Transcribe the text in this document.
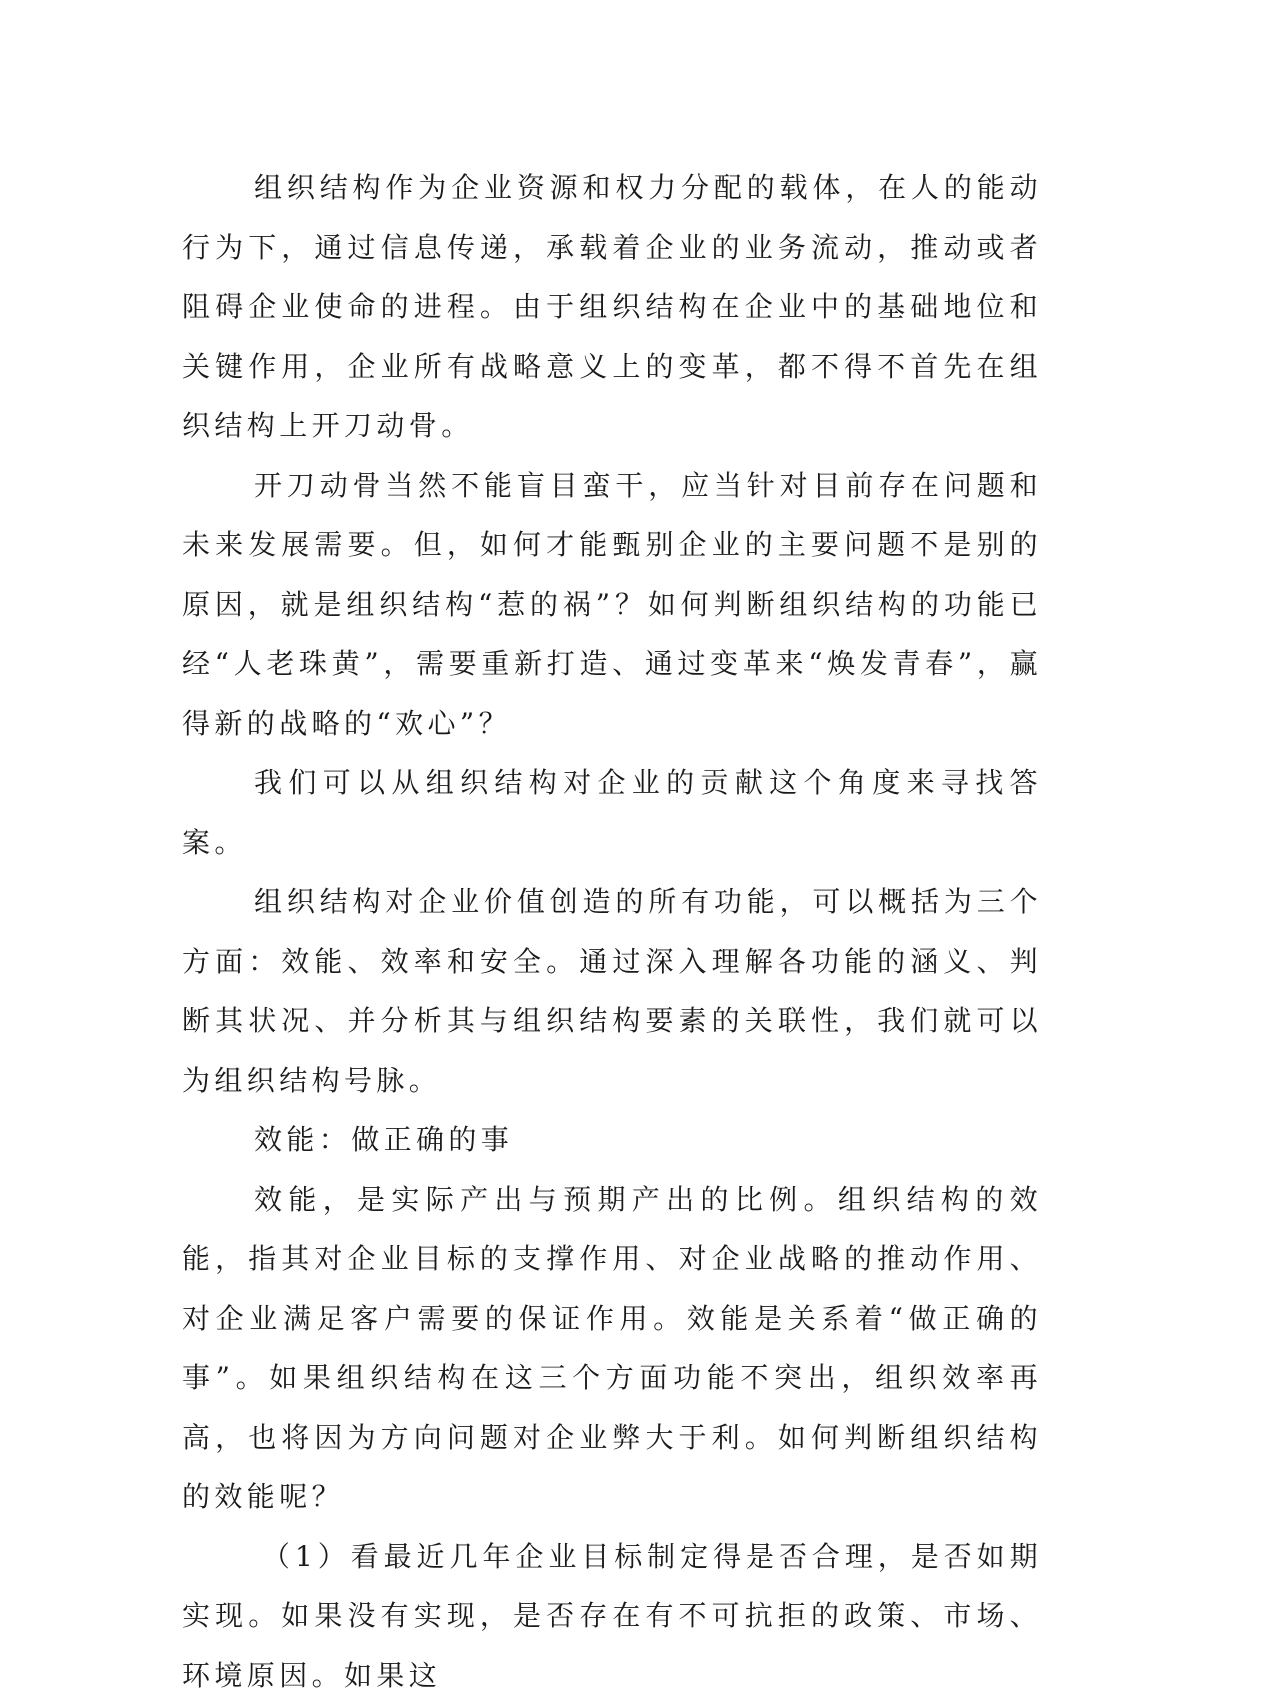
组织结构作为企业资源和权力分配的载体，在人的能动行为下，通过信息传递，承载着企业的业务流动，推动或者阻碍企业使命的进程。由于组织结构在企业中的基础地位和关键作用，企业所有战略意义上的变革，都不得不首先在组织结构上开刀动骨。

开刀动骨当然不能盲目蛮干，应当针对目前存在问题和未来发展需要。但，如何才能甄别企业的主要问题不是别的原因，就是组织结构“惹的祸”？如何判断组织结构的功能已经“人老珠黄”，需要重新打造、通过变革来“焕发青春”，赢得新的战略的“欢心”？

我们可以从组织结构对企业的贡献这个角度来寻找答案。

组织结构对企业价值创造的所有功能，可以概括为三个方面：效能、效率和安全。通过深入理解各功能的涵义、判断其状况、并分析其与组织结构要素的关联性，我们就可以为组织结构号脉。

效能：做正确的事

效能，是实际产出与预期产出的比例。组织结构的效能，指其对企业目标的支撑作用、对企业战略的推动作用、对企业满足客户需要的保证作用。效能是关系着“做正确的事”。如果组织结构在这三个方面功能不突出，组织效率再高，也将因为方向问题对企业弊大于利。如何判断组织结构的效能呢？

（1）看最近几年企业目标制定得是否合理，是否如期实现。如果没有实现，是否存在有不可抗拒的政策、市场、环境原因。如果这
